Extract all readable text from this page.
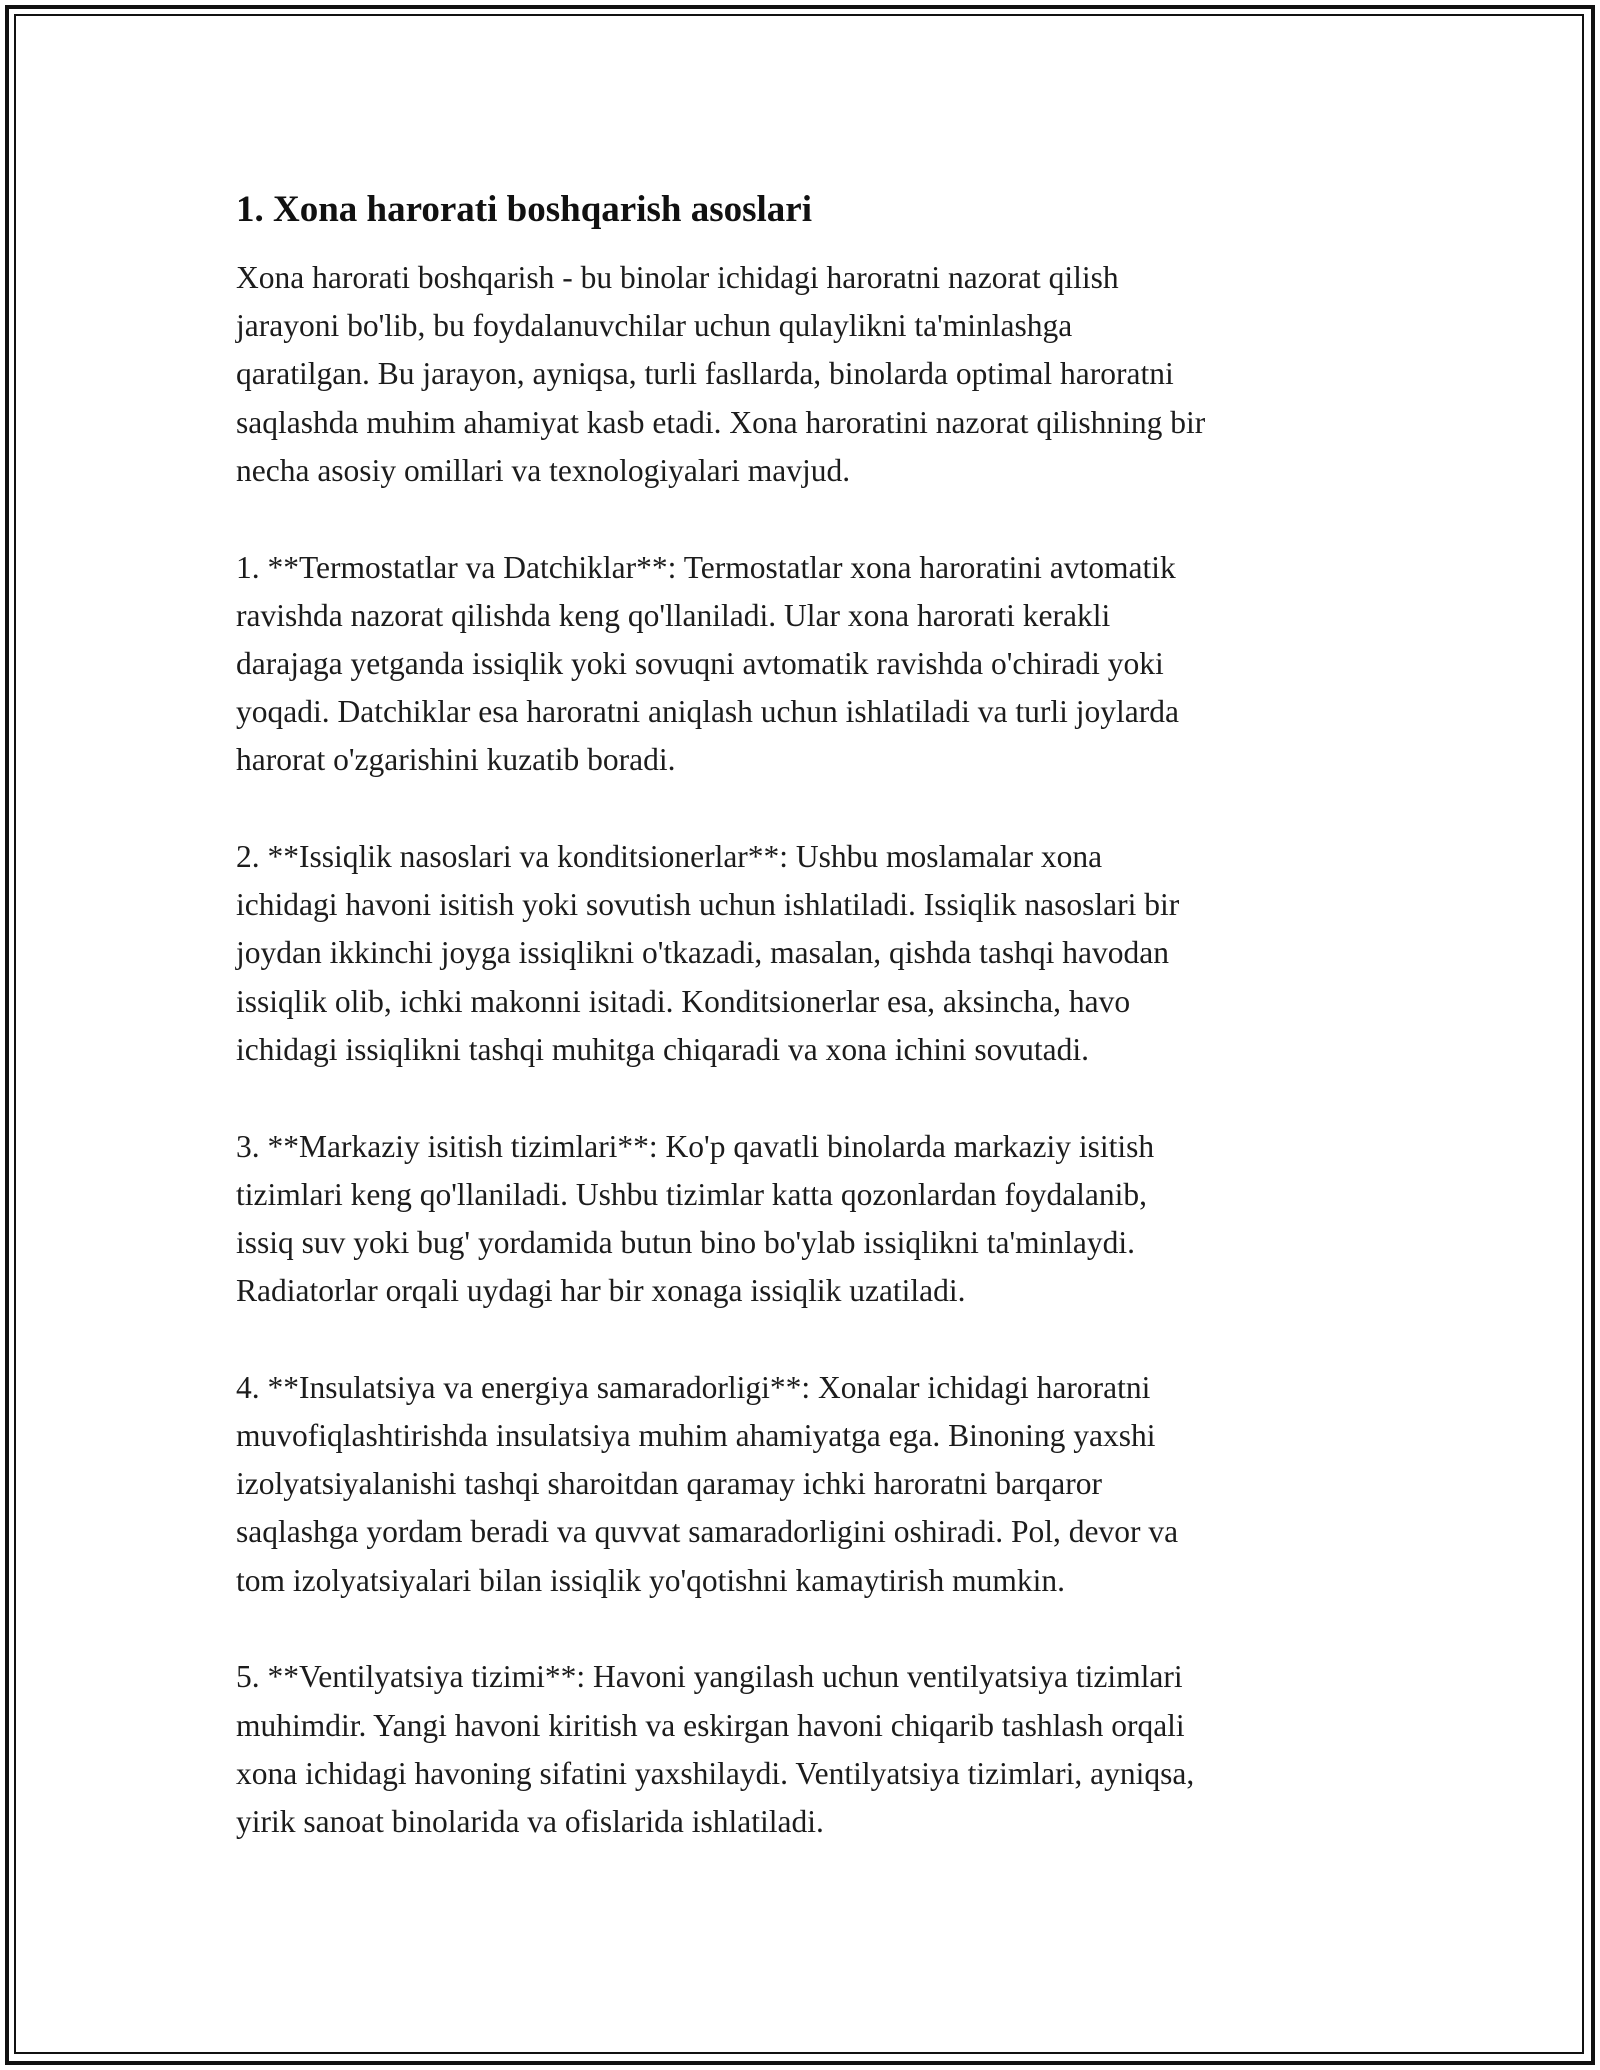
1. Xona harorati boshqarish asoslari

Xona harorati boshqarish - bu binolar ichidagi haroratni nazorat qilish
jarayoni bo'lib, bu foydalanuvchilar uchun qulaylikni ta'minlashga
qaratilgan. Bu jarayon, ayniqsa, turli fasllarda, binolarda optimal haroratni
saqlashda muhim ahamiyat kasb etadi. Xona haroratini nazorat qilishning bir
necha asosiy omillari va texnologiyalari mavjud.

1. **Termostatlar va Datchiklar**: Termostatlar xona haroratini avtomatik
ravishda nazorat qilishda keng qo'llaniladi. Ular xona harorati kerakli
darajaga yetganda issiqlik yoki sovuqni avtomatik ravishda o'chiradi yoki
yoqadi. Datchiklar esa haroratni aniqlash uchun ishlatiladi va turli joylarda
harorat o'zgarishini kuzatib boradi.

2. **Issiqlik nasoslari va konditsionerlar**: Ushbu moslamalar xona
ichidagi havoni isitish yoki sovutish uchun ishlatiladi. Issiqlik nasoslari bir
joydan ikkinchi joyga issiqlikni o'tkazadi, masalan, qishda tashqi havodan
issiqlik olib, ichki makonni isitadi. Konditsionerlar esa, aksincha, havo
ichidagi issiqlikni tashqi muhitga chiqaradi va xona ichini sovutadi.

3. **Markaziy isitish tizimlari**: Ko'p qavatli binolarda markaziy isitish
tizimlari keng qo'llaniladi. Ushbu tizimlar katta qozonlardan foydalanib,
issiq suv yoki bug' yordamida butun bino bo'ylab issiqlikni ta'minlaydi.
Radiatorlar orqali uydagi har bir xonaga issiqlik uzatiladi.

4. **Insulatsiya va energiya samaradorligi**: Xonalar ichidagi haroratni
muvofiqlashtirishda insulatsiya muhim ahamiyatga ega. Binoning yaxshi
izolyatsiyalanishi tashqi sharoitdan qaramay ichki haroratni barqaror
saqlashga yordam beradi va quvvat samaradorligini oshiradi. Pol, devor va
tom izolyatsiyalari bilan issiqlik yo'qotishni kamaytirish mumkin.

5. **Ventilyatsiya tizimi**: Havoni yangilash uchun ventilyatsiya tizimlari
muhimdir. Yangi havoni kiritish va eskirgan havoni chiqarib tashlash orqali
xona ichidagi havoning sifatini yaxshilaydi. Ventilyatsiya tizimlari, ayniqsa,
yirik sanoat binolarida va ofislarida ishlatiladi.
